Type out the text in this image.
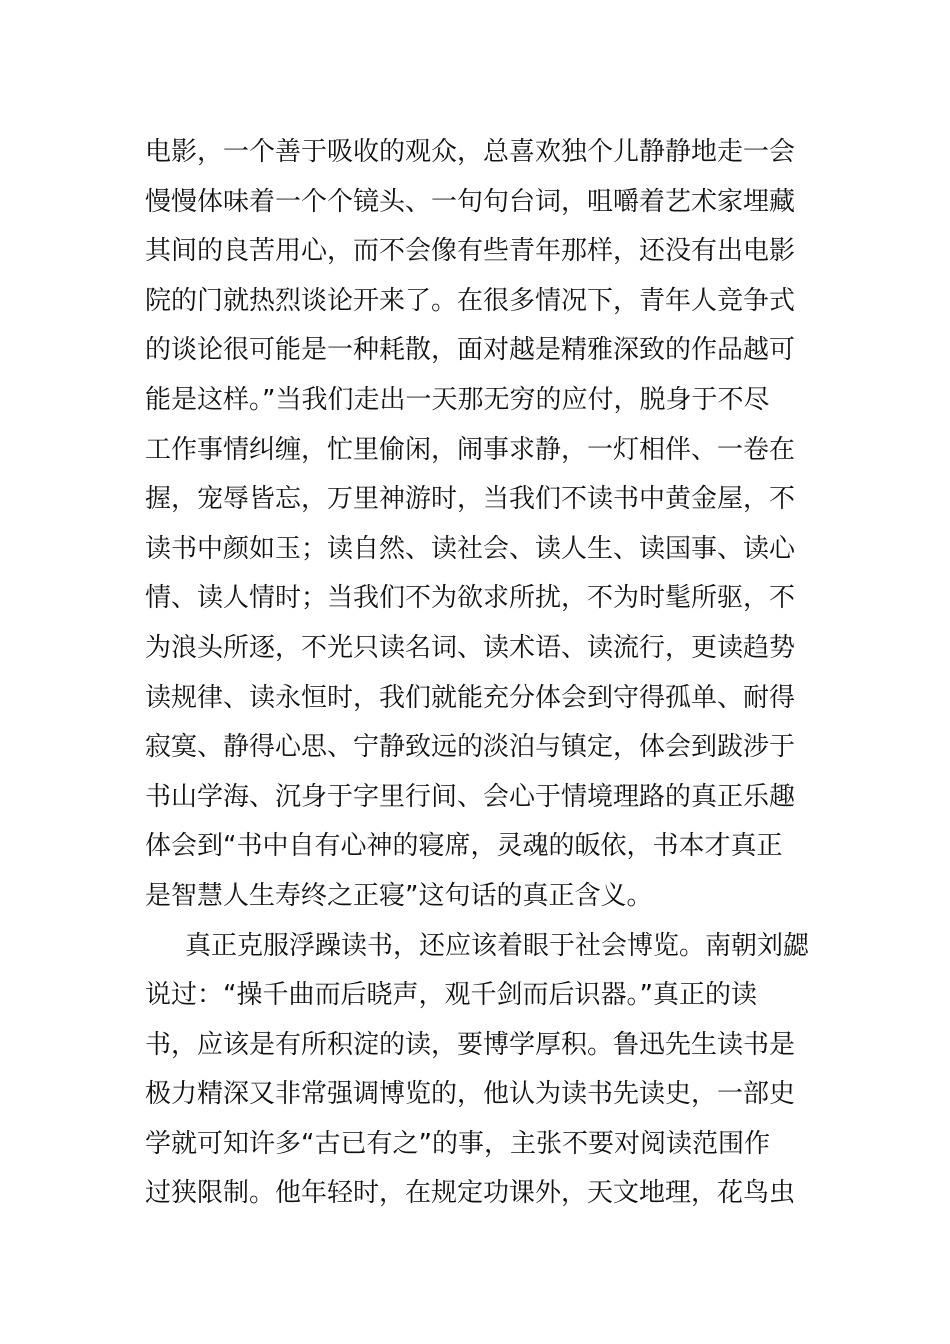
电影，一个善于吸收的观众，总喜欢独个儿静静地走一会
慢慢体味着一个个镜头、一句句台词，咀嚼着艺术家埋藏
其间的良苦用心，而不会像有些青年那样，还没有出电影
院的门就热烈谈论开来了。在很多情况下，青年人竞争式
的谈论很可能是一种耗散，面对越是精雅深致的作品越可
能是这样。”当我们走出一天那无穷的应付，脱身于不尽
工作事情纠缠，忙里偷闲，闹事求静，一灯相伴、一卷在
握，宠辱皆忘，万里神游时，当我们不读书中黄金屋，不
读书中颜如玉；读自然、读社会、读人生、读国事、读心
情、读人情时；当我们不为欲求所扰，不为时髦所驱，不
为浪头所逐，不光只读名词、读术语、读流行，更读趋势
读规律、读永恒时，我们就能充分体会到守得孤单、耐得
寂寞、静得心思、宁静致远的淡泊与镇定，体会到跋涉于
书山学海、沉身于字里行间、会心于情境理路的真正乐趣
体会到“书中自有心神的寝席，灵魂的皈依，书本才真正
是智慧人生寿终之正寝”这句话的真正含义。
真正克服浮躁读书，还应该着眼于社会博览。南朝刘勰
说过：“操千曲而后晓声，观千剑而后识器。”真正的读
书，应该是有所积淀的读，要博学厚积。鲁迅先生读书是
极力精深又非常强调博览的，他认为读书先读史，一部史
学就可知许多“古已有之”的事，主张不要对阅读范围作
过狭限制。他年轻时，在规定功课外，天文地理，花鸟虫
